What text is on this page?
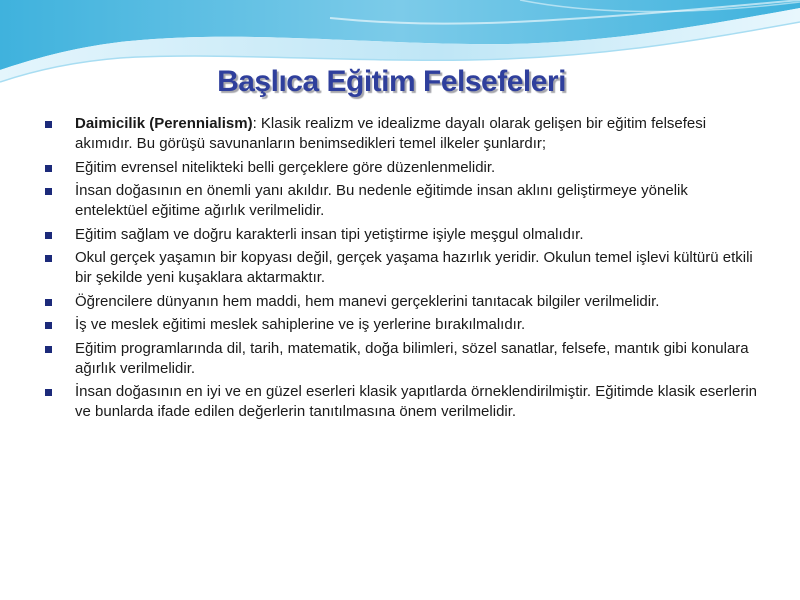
Başlıca Eğitim Felsefeleri
Daimicilik (Perennialism): Klasik realizm ve idealizme dayalı olarak gelişen bir eğitim felsefesi akımıdır. Bu görüşü savunanların benimsedikleri temel ilkeler şunlardır;
Eğitim evrensel nitelikteki belli gerçeklere göre düzenlenmelidir.
İnsan doğasının en önemli yanı akıldır. Bu nedenle eğitimde insan aklını geliştirmeye yönelik entelektüel eğitime ağırlık verilmelidir.
Eğitim sağlam ve doğru karakterli insan tipi yetiştirme işiyle meşgul olmalıdır.
Okul gerçek yaşamın bir kopyası değil, gerçek yaşama hazırlık yeridir. Okulun temel işlevi kültürü etkili bir şekilde yeni kuşaklara aktarmaktır.
Öğrencilere dünyanın hem maddi, hem manevi gerçeklerini tanıtacak bilgiler verilmelidir.
İş ve meslek eğitimi meslek sahiplerine ve iş yerlerine bırakılmalıdır.
Eğitim programlarında dil, tarih, matematik, doğa bilimleri, sözel sanatlar, felsefe, mantık gibi konulara ağırlık verilmelidir.
İnsan doğasının en iyi ve en güzel eserleri klasik yapıtlarda örneklendirilmiştir. Eğitimde klasik eserlerin ve bunlarda ifade edilen değerlerin tanıtılmasına önem verilmelidir.
